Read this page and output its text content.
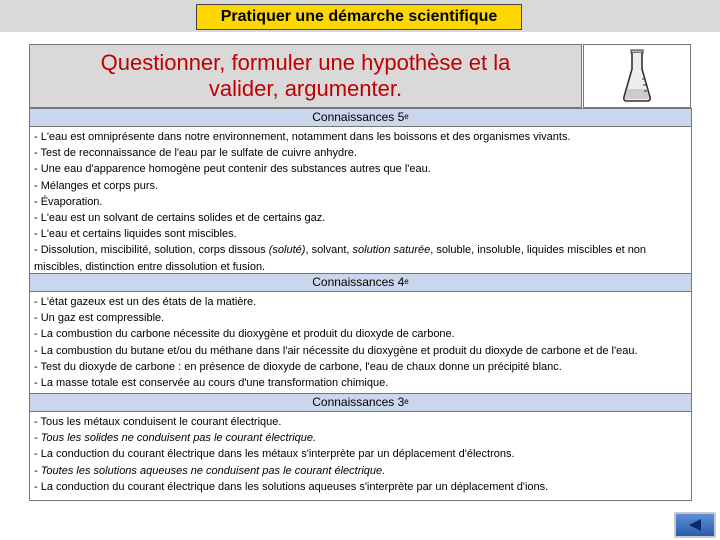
Pratiquer une démarche scientifique
Questionner, formuler une hypothèse et la
valider, argumenter.
Connaissances 5e
- L'eau est omniprésente dans notre environnement, notamment dans les boissons et des organismes vivants.
- Test de reconnaissance de l'eau par le sulfate de cuivre anhydre.
- Une eau d'apparence homogène peut contenir des substances autres que l'eau.
- Mélanges et corps purs.
- Évaporation.
- L'eau est un solvant de certains solides et de certains gaz.
- L'eau et certains liquides sont miscibles.
- Dissolution, miscibilité, solution, corps dissous (soluté), solvant, solution saturée, soluble, insoluble, liquides miscibles et non miscibles, distinction entre dissolution et fusion.
Connaissances 4e
- L'état gazeux est un des états de la matière.
- Un gaz est compressible.
- La combustion du carbone nécessite du dioxygène et produit du dioxyde de carbone.
- La combustion du butane et/ou du méthane dans l'air nécessite du dioxygène et produit du dioxyde de carbone et de l'eau.
- Test du dioxyde de carbone : en présence de dioxyde de carbone, l'eau de chaux donne un précipité blanc.
- La masse totale est conservée au cours d'une transformation chimique.
Connaissances 3e
- Tous les métaux conduisent le courant électrique.
- Tous les solides ne conduisent pas le courant électrique.
- La conduction du courant électrique dans les métaux s'interprète par un déplacement d'électrons.
- Toutes les solutions aqueuses ne conduisent pas le courant électrique.
- La conduction du courant électrique dans les solutions aqueuses s'interprète par un déplacement d'ions.
